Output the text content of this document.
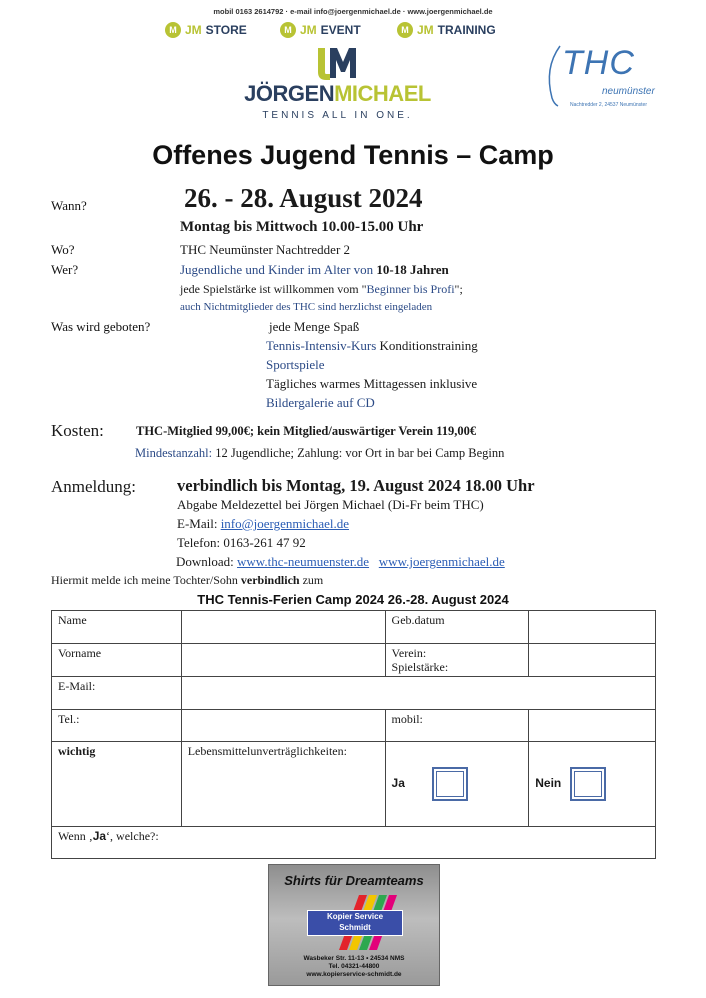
mobil 0163 2614792 · e-mail info@joergenmichael.de · www.joergenmichael.de
M JM STORE	M JM EVENT	M JM TRAINING
JÖRGENMICHAEL
TENNIS ALL IN ONE.
THC
neumünster
Nachtredder 2, 24537 Neumünster
Offenes Jugend Tennis – Camp
Wann?	26. - 28. August 2024
Montag bis Mittwoch 10.00-15.00 Uhr
Wo?	THC Neumünster Nachtredder 2
Wer?	Jugendliche und Kinder im Alter von 10-18 Jahren
jede Spielstärke ist willkommen vom "Beginner bis Profi";
auch Nichtmitglieder des THC sind herzlichst eingeladen
Was wird geboten?	jede Menge Spaß
Tennis-Intensiv-Kurs Konditionstraining
Sportspiele
Tägliches warmes Mittagessen inklusive
Bildergalerie auf CD
Kosten:	THC-Mitglied 99,00€; kein Mitglied/auswärtiger Verein 119,00€
Mindestanzahl: 12 Jugendliche; Zahlung: vor Ort in bar bei Camp Beginn
Anmeldung: verbindlich bis Montag, 19. August 2024 18.00 Uhr
Abgabe Meldezettel bei Jörgen Michael (Di-Fr beim THC)
E-Mail: info@joergenmichael.de
Telefon: 0163-261 47 92
Download: www.thc-neumuenster.de www.joergenmichael.de
Hiermit melde ich meine Tochter/Sohn verbindlich zum
THC Tennis-Ferien Camp 2024 26.-28. August 2024
Name		Geb.datum	
Vorname		Verein:
Spielstärke:	
E-Mail:			
Tel.:		mobil:	
wichtig	Lebensmittelunverträglichkeiten:	Ja	Nein
Wenn ‚Ja‘, welche?:			
Shirts für Dreamteams
Kopier Service
Schmidt
Wasbeker Str. 11-13 • 24534 NMS
Tel. 04321-44800
www.kopierservice-schmidt.de
